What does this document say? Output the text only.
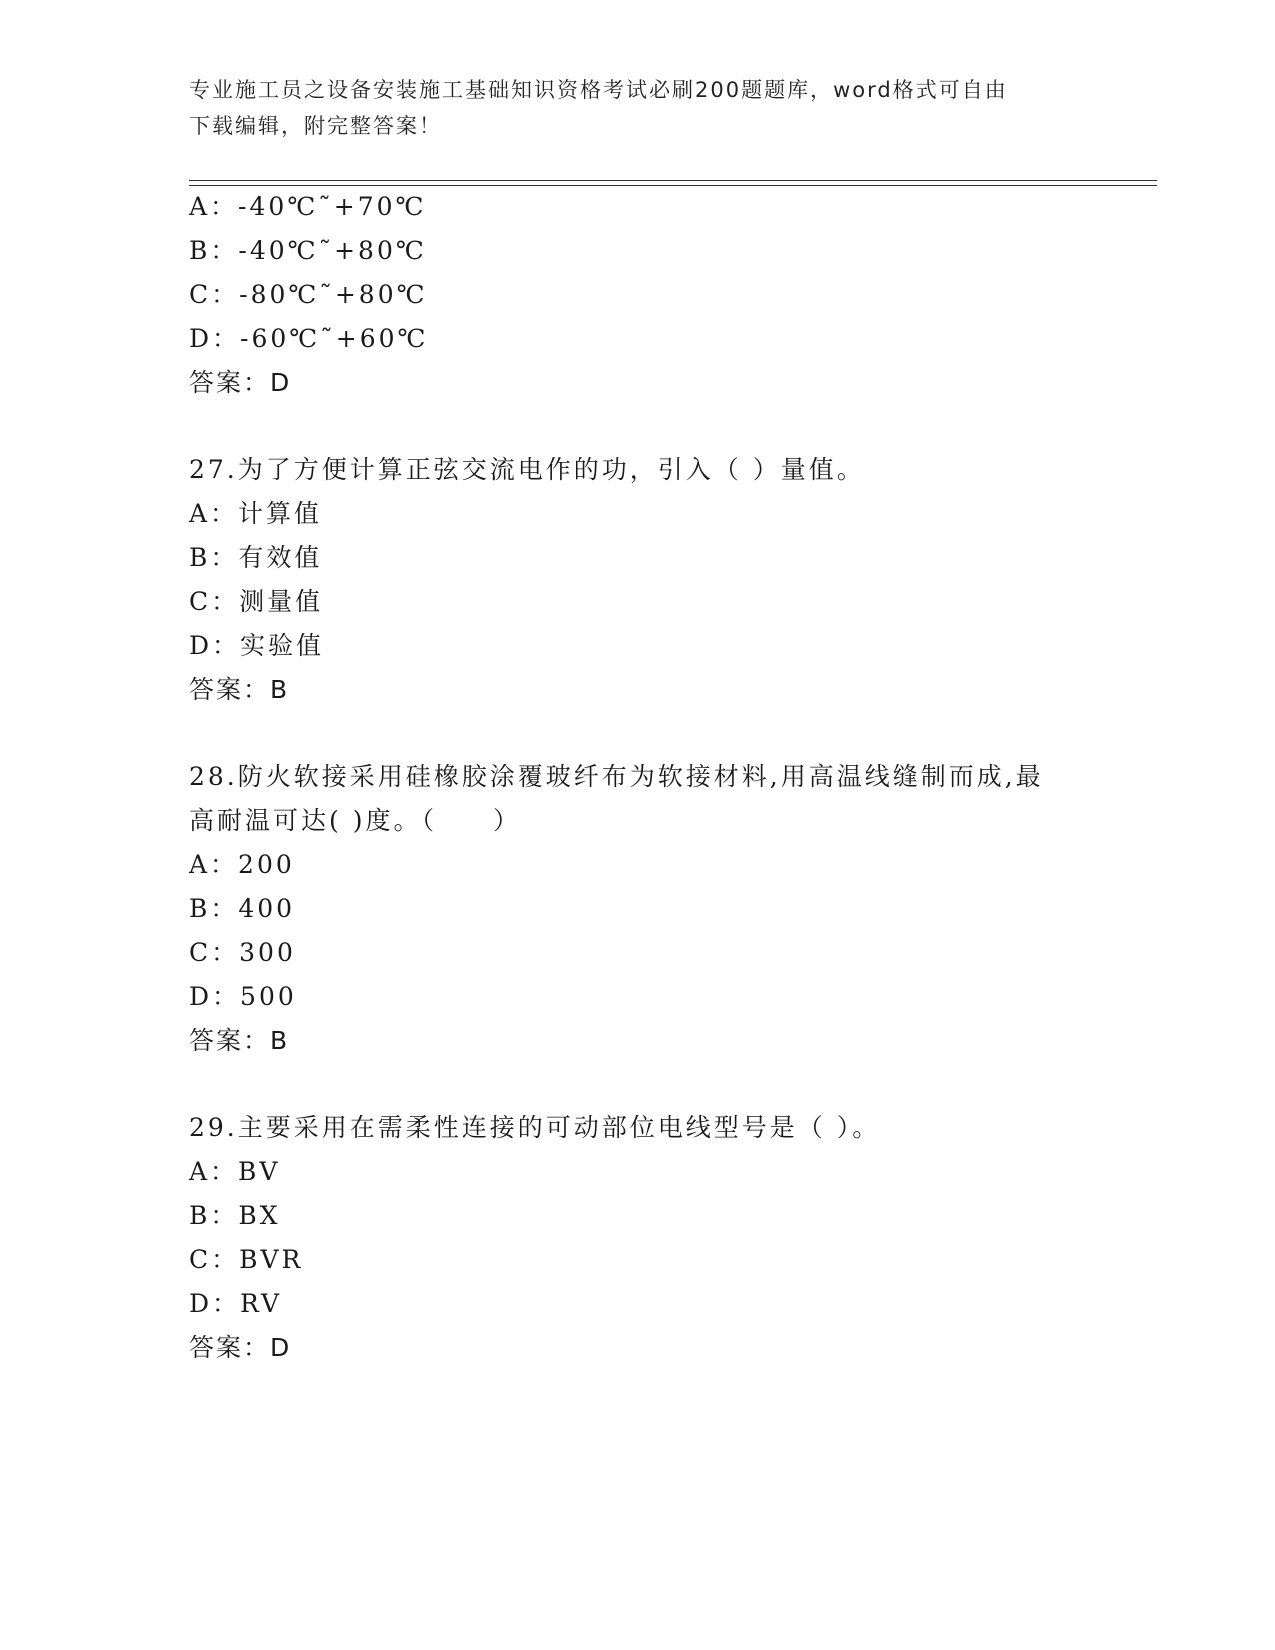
专业施工员之设备安装施工基础知识资格考试必刷200题题库，word格式可自由
下载编辑，附完整答案！
A：-40℃˜+70℃
B：-40℃˜+80℃
C：-80℃˜+80℃
D：-60℃˜+60℃
答案：D
27.为了方便计算正弦交流电作的功，引入（ ）量值。
A：计算值
B：有效值
C：测量值
D：实验值
答案：B
28.防火软接采用硅橡胶涂覆玻纤布为软接材料,用高温线缝制而成,最
高耐温可达( )度。（　　）
A：200
B：400
C：300
D：500
答案：B
29.主要采用在需柔性连接的可动部位电线型号是（ ）。
A：BV
B：BX
C：BVR
D：RV
答案：D
